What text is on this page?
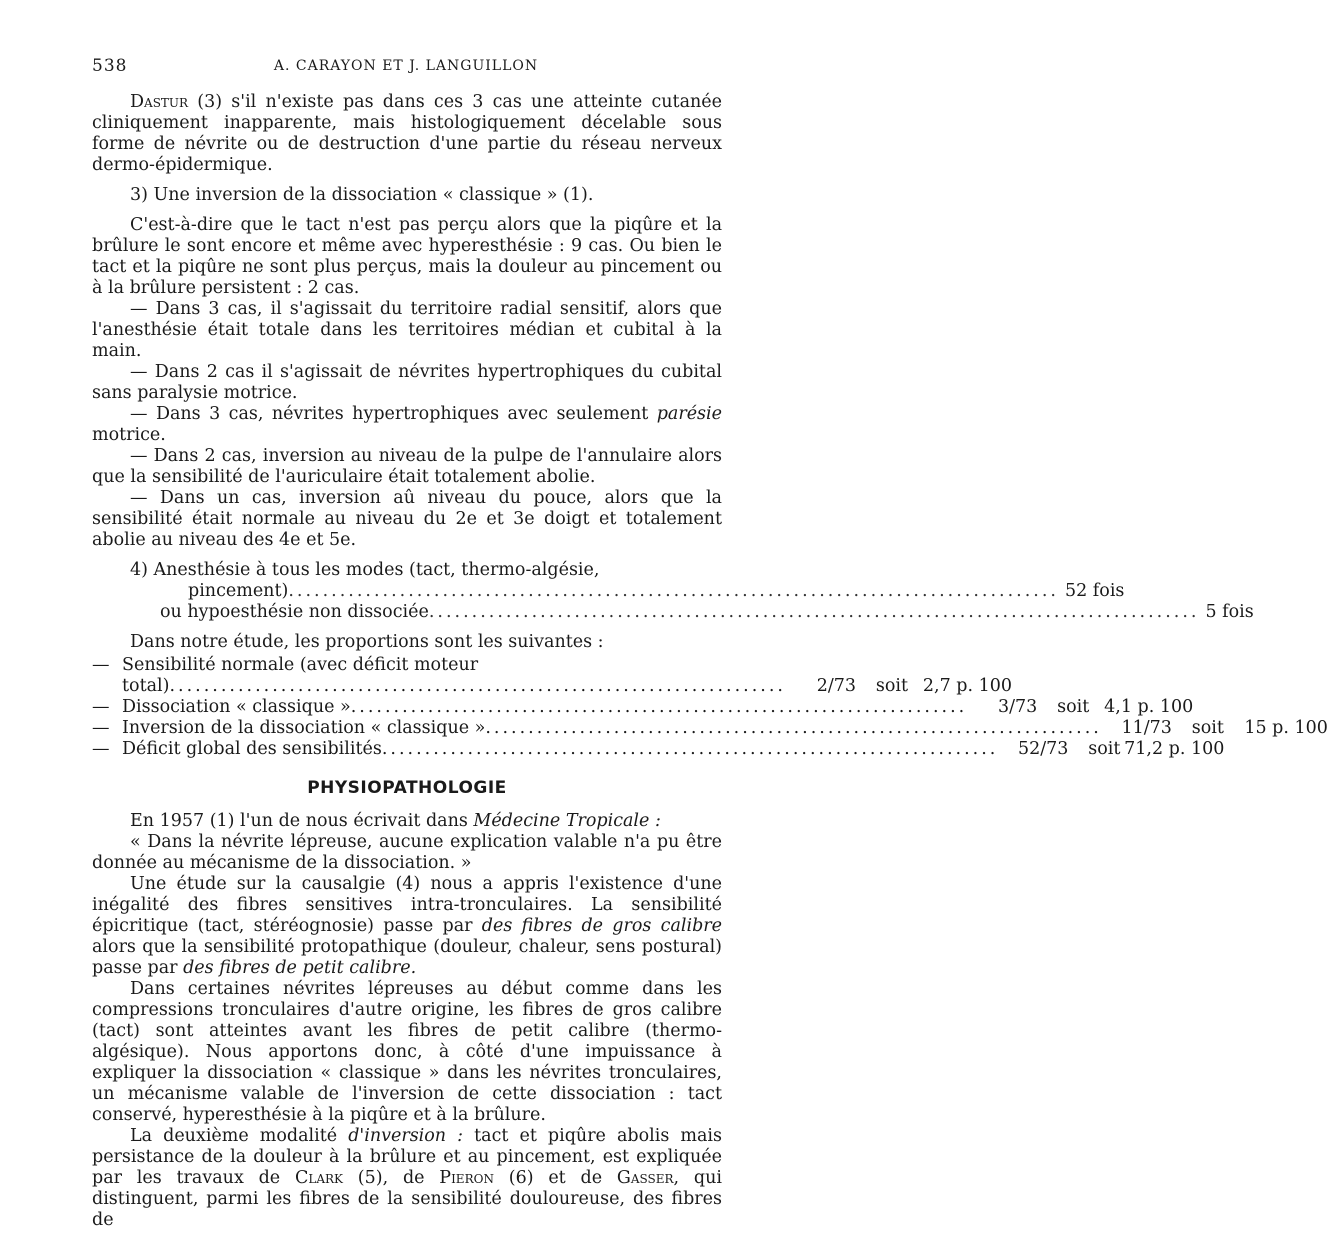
538	A. CARAYON ET J. LANGUILLON

Dastur (3) s'il n'existe pas dans ces 3 cas une atteinte cutanée cliniquement inapparente, mais histologiquement décelable sous forme de névrite ou de destruction d'une partie du réseau nerveux dermo-épidermique.

3) Une inversion de la dissociation « classique » (1).

C'est-à-dire que le tact n'est pas perçu alors que la piqûre et la brûlure le sont encore et même avec hyperesthésie : 9 cas. Ou bien le tact et la piqûre ne sont plus perçus, mais la douleur au pincement ou à la brûlure persistent : 2 cas.

— Dans 3 cas, il s'agissait du territoire radial sensitif, alors que l'anesthésie était totale dans les territoires médian et cubital à la main.

— Dans 2 cas il s'agissait de névrites hypertrophiques du cubital sans paralysie motrice.

— Dans 3 cas, névrites hypertrophiques avec seulement parésie motrice.

— Dans 2 cas, inversion au niveau de la pulpe de l'annulaire alors que la sensibilité de l'auriculaire était totalement abolie.

— Dans un cas, inversion aû niveau du pouce, alors que la sensibilité était normale au niveau du 2e et 3e doigt et totalement abolie au niveau des 4e et 5e.

4) Anesthésie à tous les modes (tact, thermo-algésie,

pincement) .......................................................................................... 52 fois
ou hypoesthésie non dissociée .......................................................................................... 5 fois

Dans notre étude, les proportions sont les suivantes :

— Sensibilité normale (avec déficit moteur
total) ........................................................................	2/73	soit 2,7 p. 100
— Dissociation « classique » ........................................................................	3/73	soit 4,1 p. 100
— Inversion de la dissociation « classique » ........................................................................	11/73	soit	15 p. 100
— Déficit global des sensibilités ........................................................................	52/73	soit 71,2 p. 100
PHYSIOPATHOLOGIE

En 1957 (1) l'un de nous écrivait dans Médecine Tropicale :

« Dans la névrite lépreuse, aucune explication valable n'a pu être donnée au mécanisme de la dissociation. »

Une étude sur la causalgie (4) nous a appris l'existence d'une inégalité des fibres sensitives intra-tronculaires. La sensibilité épicritique (tact, stéréognosie) passe par des fibres de gros calibre alors que la sensibilité protopathique (douleur, chaleur, sens postural) passe par des fibres de petit calibre.

Dans certaines névrites lépreuses au début comme dans les compressions tronculaires d'autre origine, les fibres de gros calibre (tact) sont atteintes avant les fibres de petit calibre (thermo-algésique). Nous apportons donc, à côté d'une impuissance à expliquer la dissociation « classique » dans les névrites tronculaires, un mécanisme valable de l'inversion de cette dissociation : tact conservé, hyperesthésie à la piqûre et à la brûlure.

La deuxième modalité d'inversion : tact et piqûre abolis mais persistance de la douleur à la brûlure et au pincement, est expliquée par les travaux de Clark (5), de Pieron (6) et de Gasser, qui distinguent, parmi les fibres de la sensibilité douloureuse, des fibres de
